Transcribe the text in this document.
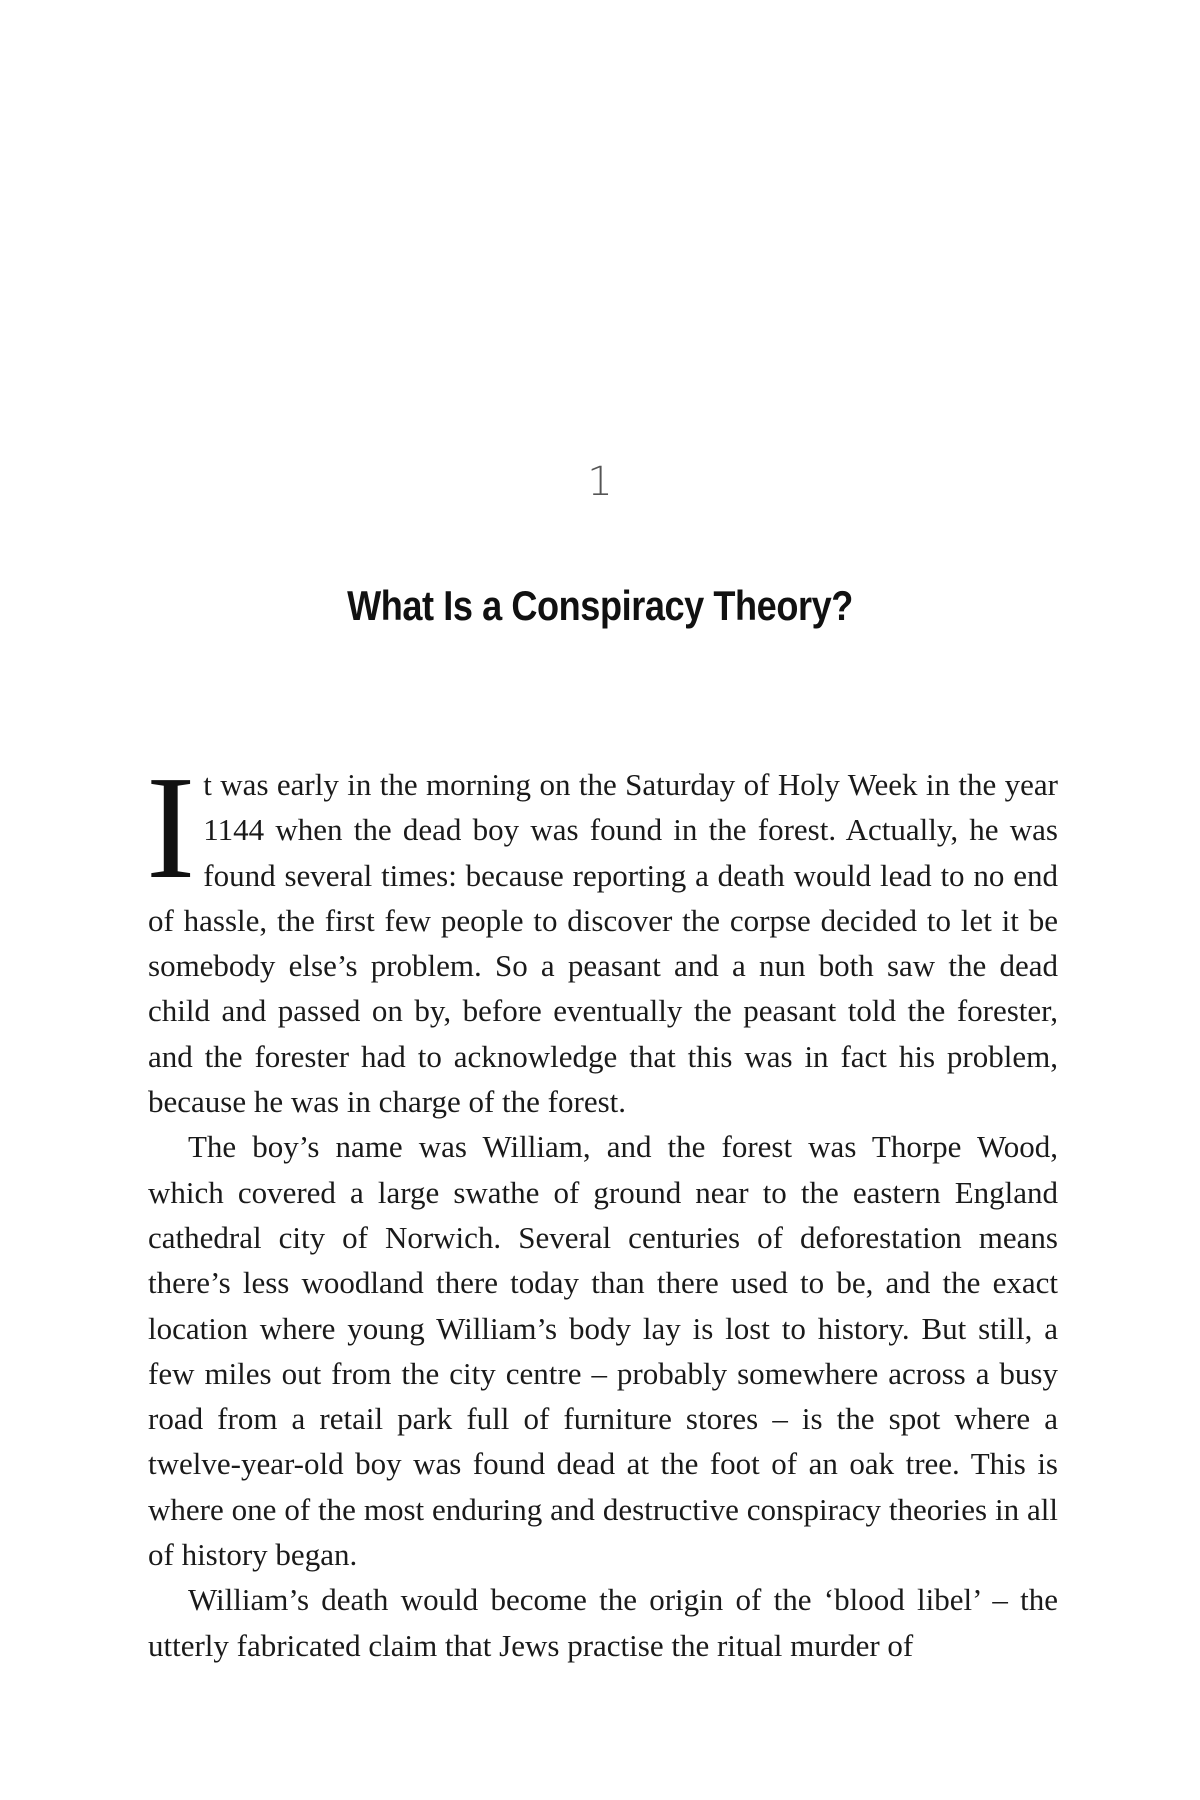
1
What Is a Conspiracy Theory?

It was early in the morning on the Saturday of Holy Week in the year 1144 when the dead boy was found in the forest. Actually, he was found several times: because reporting a death would lead to no end of hassle, the first few people to discover the corpse decided to let it be somebody else’s problem. So a peasant and a nun both saw the dead child and passed on by, before eventually the peasant told the forester, and the forester had to acknowledge that this was in fact his problem, because he was in charge of the forest.

The boy’s name was William, and the forest was Thorpe Wood, which covered a large swathe of ground near to the eastern England cathedral city of Norwich. Several centuries of deforestation means there’s less woodland there today than there used to be, and the exact location where young William’s body lay is lost to history. But still, a few miles out from the city centre – probably somewhere across a busy road from a retail park full of furniture stores – is the spot where a twelve-year-old boy was found dead at the foot of an oak tree. This is where one of the most enduring and destructive conspiracy theories in all of history began.

William’s death would become the origin of the ‘blood libel’ – the utterly fabricated claim that Jews practise the ritual murder of
